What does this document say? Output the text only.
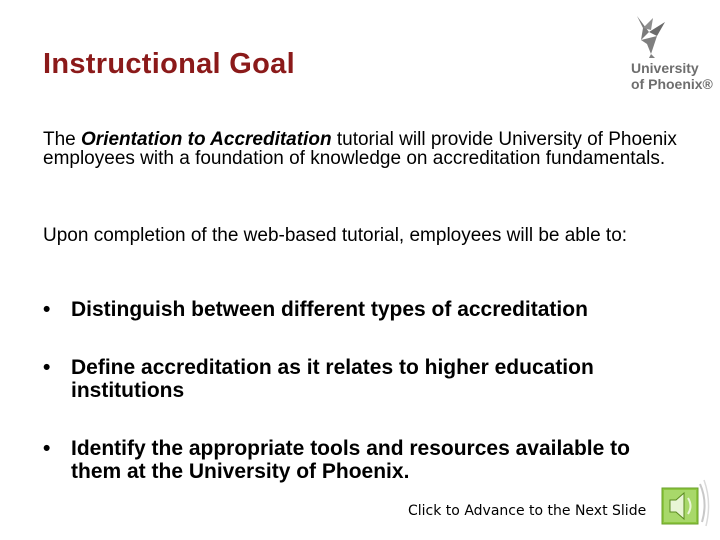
Instructional Goal	University
of Phoenix®

The Orientation to Accreditation tutorial will provide University of Phoenix employees with a foundation of knowledge on accreditation fundamentals.

Upon completion of the web-based tutorial, employees will be able to:

• Distinguish between different types of accreditation
• Define accreditation as it relates to higher education institutions
• Identify the appropriate tools and resources available to them at the University of Phoenix.
Click to Advance to the Next Slide
